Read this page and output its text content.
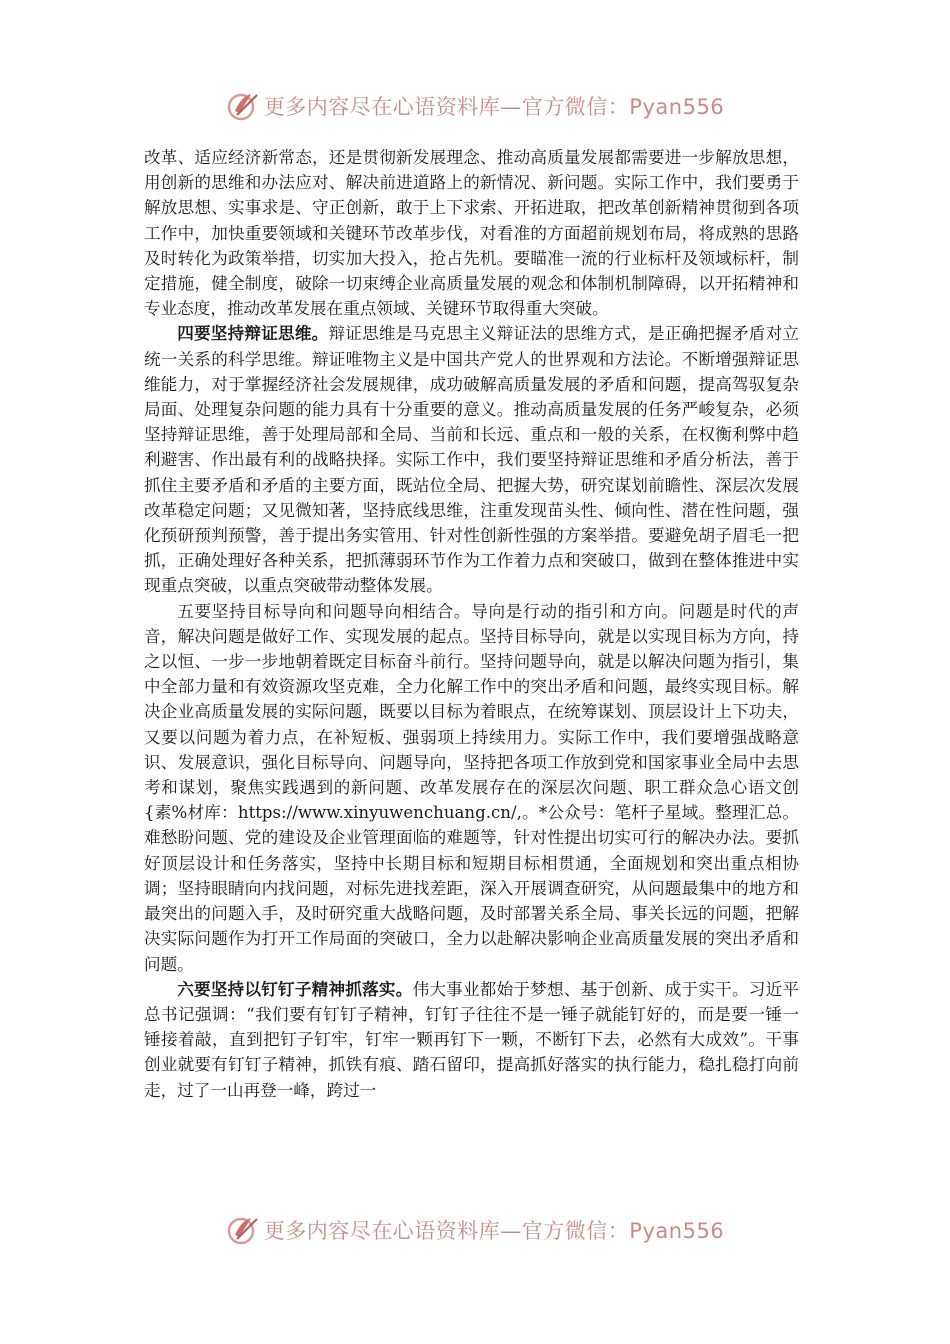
更多内容尽在心语资料库—官方微信：Pyan556

改革、适应经济新常态，还是贯彻新发展理念、推动高质量发展都需要进一步解放思想，用创新的思维和办法应对、解决前进道路上的新情况、新问题。实际工作中，我们要勇于解放思想、实事求是、守正创新，敢于上下求索、开拓进取，把改革创新精神贯彻到各项工作中，加快重要领域和关键环节改革步伐，对看准的方面超前规划布局，将成熟的思路及时转化为政策举措，切实加大投入，抢占先机。要瞄准一流的行业标杆及领域标杆，制定措施，健全制度，破除一切束缚企业高质量发展的观念和体制机制障碍，以开拓精神和专业态度，推动改革发展在重点领域、关键环节取得重大突破。

四要坚持辩证思维。辩证思维是马克思主义辩证法的思维方式，是正确把握矛盾对立统一关系的科学思维。辩证唯物主义是中国共产党人的世界观和方法论。不断增强辩证思维能力，对于掌握经济社会发展规律，成功破解高质量发展的矛盾和问题，提高驾驭复杂局面、处理复杂问题的能力具有十分重要的意义。推动高质量发展的任务严峻复杂，必须坚持辩证思维，善于处理局部和全局、当前和长远、重点和一般的关系，在权衡利弊中趋利避害、作出最有利的战略抉择。实际工作中，我们要坚持辩证思维和矛盾分析法，善于抓住主要矛盾和矛盾的主要方面，既站位全局、把握大势，研究谋划前瞻性、深层次发展改革稳定问题；又见微知著，坚持底线思维，注重发现苗头性、倾向性、潜在性问题，强化预研预判预警，善于提出务实管用、针对性创新性强的方案举措。要避免胡子眉毛一把抓，正确处理好各种关系，把抓薄弱环节作为工作着力点和突破口，做到在整体推进中实现重点突破，以重点突破带动整体发展。

五要坚持目标导向和问题导向相结合。导向是行动的指引和方向。问题是时代的声音，解决问题是做好工作、实现发展的起点。坚持目标导向，就是以实现目标为方向，持之以恒、一步一步地朝着既定目标奋斗前行。坚持问题导向，就是以解决问题为指引，集中全部力量和有效资源攻坚克难，全力化解工作中的突出矛盾和问题，最终实现目标。解决企业高质量发展的实际问题，既要以目标为着眼点，在统筹谋划、顶层设计上下功夫，又要以问题为着力点，在补短板、强弱项上持续用力。实际工作中，我们要增强战略意识、发展意识，强化目标导向、问题导向，坚持把各项工作放到党和国家事业全局中去思考和谋划，聚焦实践遇到的新问题、改革发展存在的深层次问题、职工群众急心语文创{素%材库：https://www.xinyuwenchuang.cn/,。*公众号：笔杆子星域。整理汇总。难愁盼问题、党的建设及企业管理面临的难题等，针对性提出切实可行的解决办法。要抓好顶层设计和任务落实，坚持中长期目标和短期目标相贯通，全面规划和突出重点相协调；坚持眼睛向内找问题，对标先进找差距，深入开展调查研究，从问题最集中的地方和最突出的问题入手，及时研究重大战略问题，及时部署关系全局、事关长远的问题，把解决实际问题作为打开工作局面的突破口，全力以赴解决影响企业高质量发展的突出矛盾和问题。

六要坚持以钉钉子精神抓落实。伟大事业都始于梦想、基于创新、成于实干。习近平总书记强调：“我们要有钉钉子精神，钉钉子往往不是一锤子就能钉好的，而是要一锤一锤接着敲，直到把钉子钉牢，钉牢一颗再钉下一颗，不断钉下去，必然有大成效”。干事创业就要有钉钉子精神，抓铁有痕、踏石留印，提高抓好落实的执行能力，稳扎稳打向前走，过了一山再登一峰，跨过一

更多内容尽在心语资料库—官方微信：Pyan556
